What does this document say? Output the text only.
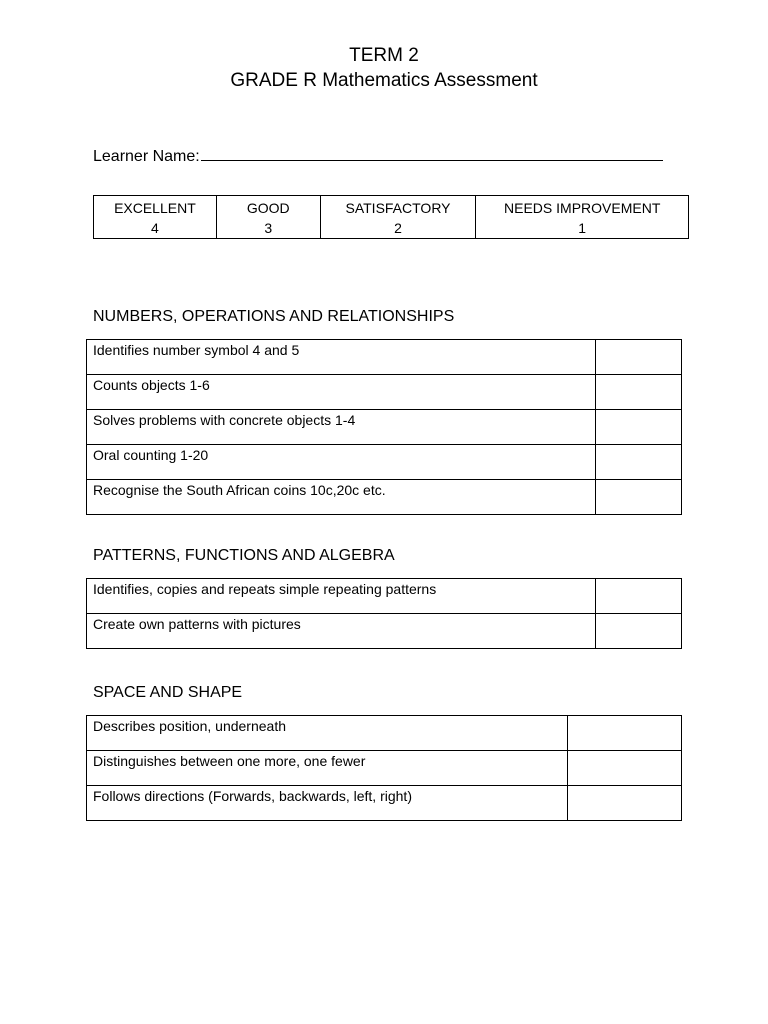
TERM 2
GRADE R Mathematics Assessment
Learner Name:
EXCELLENT
4

GOOD
3

SATISFACTORY
2

NEEDS IMPROVEMENT
1
NUMBERS, OPERATIONS AND RELATIONSHIPS
Identifies number symbol 4 and 5	
Counts objects 1-6	
Solves problems with concrete objects 1-4	
Oral counting 1-20	
Recognise the South African coins 10c,20c etc.	
PATTERNS, FUNCTIONS AND ALGEBRA
Identifies, copies and repeats simple repeating patterns	
Create own patterns with pictures	
SPACE AND SHAPE
Describes position, underneath	
Distinguishes between one more, one fewer	
Follows directions (Forwards, backwards, left, right)	
